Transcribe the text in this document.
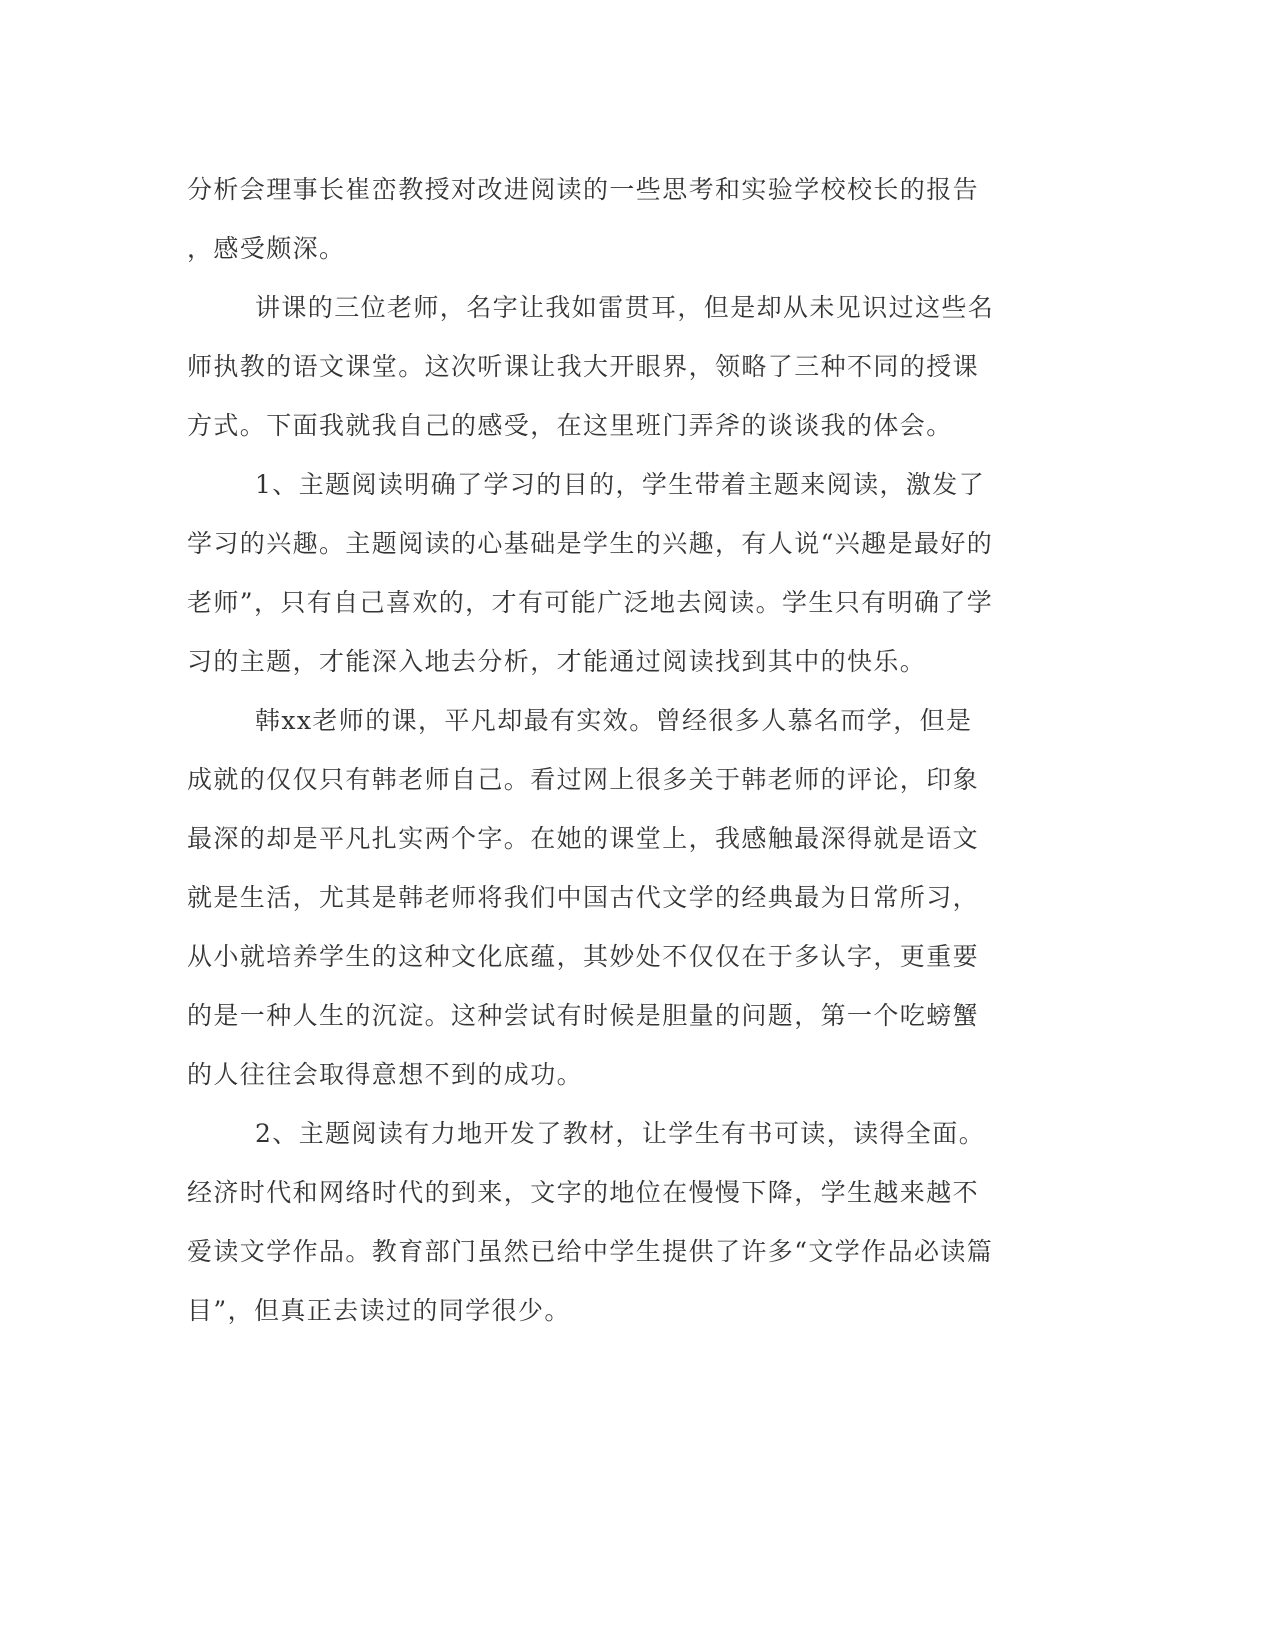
分析会理事长崔峦教授对改进阅读的一些思考和实验学校校长的报告
，感受颇深。
讲课的三位老师，名字让我如雷贯耳，但是却从未见识过这些名
师执教的语文课堂。这次听课让我大开眼界，领略了三种不同的授课
方式。下面我就我自己的感受，在这里班门弄斧的谈谈我的体会。
1、主题阅读明确了学习的目的，学生带着主题来阅读，激发了
学习的兴趣。主题阅读的心基础是学生的兴趣，有人说“兴趣是最好的
老师”，只有自己喜欢的，才有可能广泛地去阅读。学生只有明确了学
习的主题，才能深入地去分析，才能通过阅读找到其中的快乐。
韩xx老师的课，平凡却最有实效。曾经很多人慕名而学，但是
成就的仅仅只有韩老师自己。看过网上很多关于韩老师的评论，印象
最深的却是平凡扎实两个字。在她的课堂上，我感触最深得就是语文
就是生活，尤其是韩老师将我们中国古代文学的经典最为日常所习，
从小就培养学生的这种文化底蕴，其妙处不仅仅在于多认字，更重要
的是一种人生的沉淀。这种尝试有时候是胆量的问题，第一个吃螃蟹
的人往往会取得意想不到的成功。
2、主题阅读有力地开发了教材，让学生有书可读，读得全面。
经济时代和网络时代的到来，文字的地位在慢慢下降，学生越来越不
爱读文学作品。教育部门虽然已给中学生提供了许多“文学作品必读篇
目”，但真正去读过的同学很少。
